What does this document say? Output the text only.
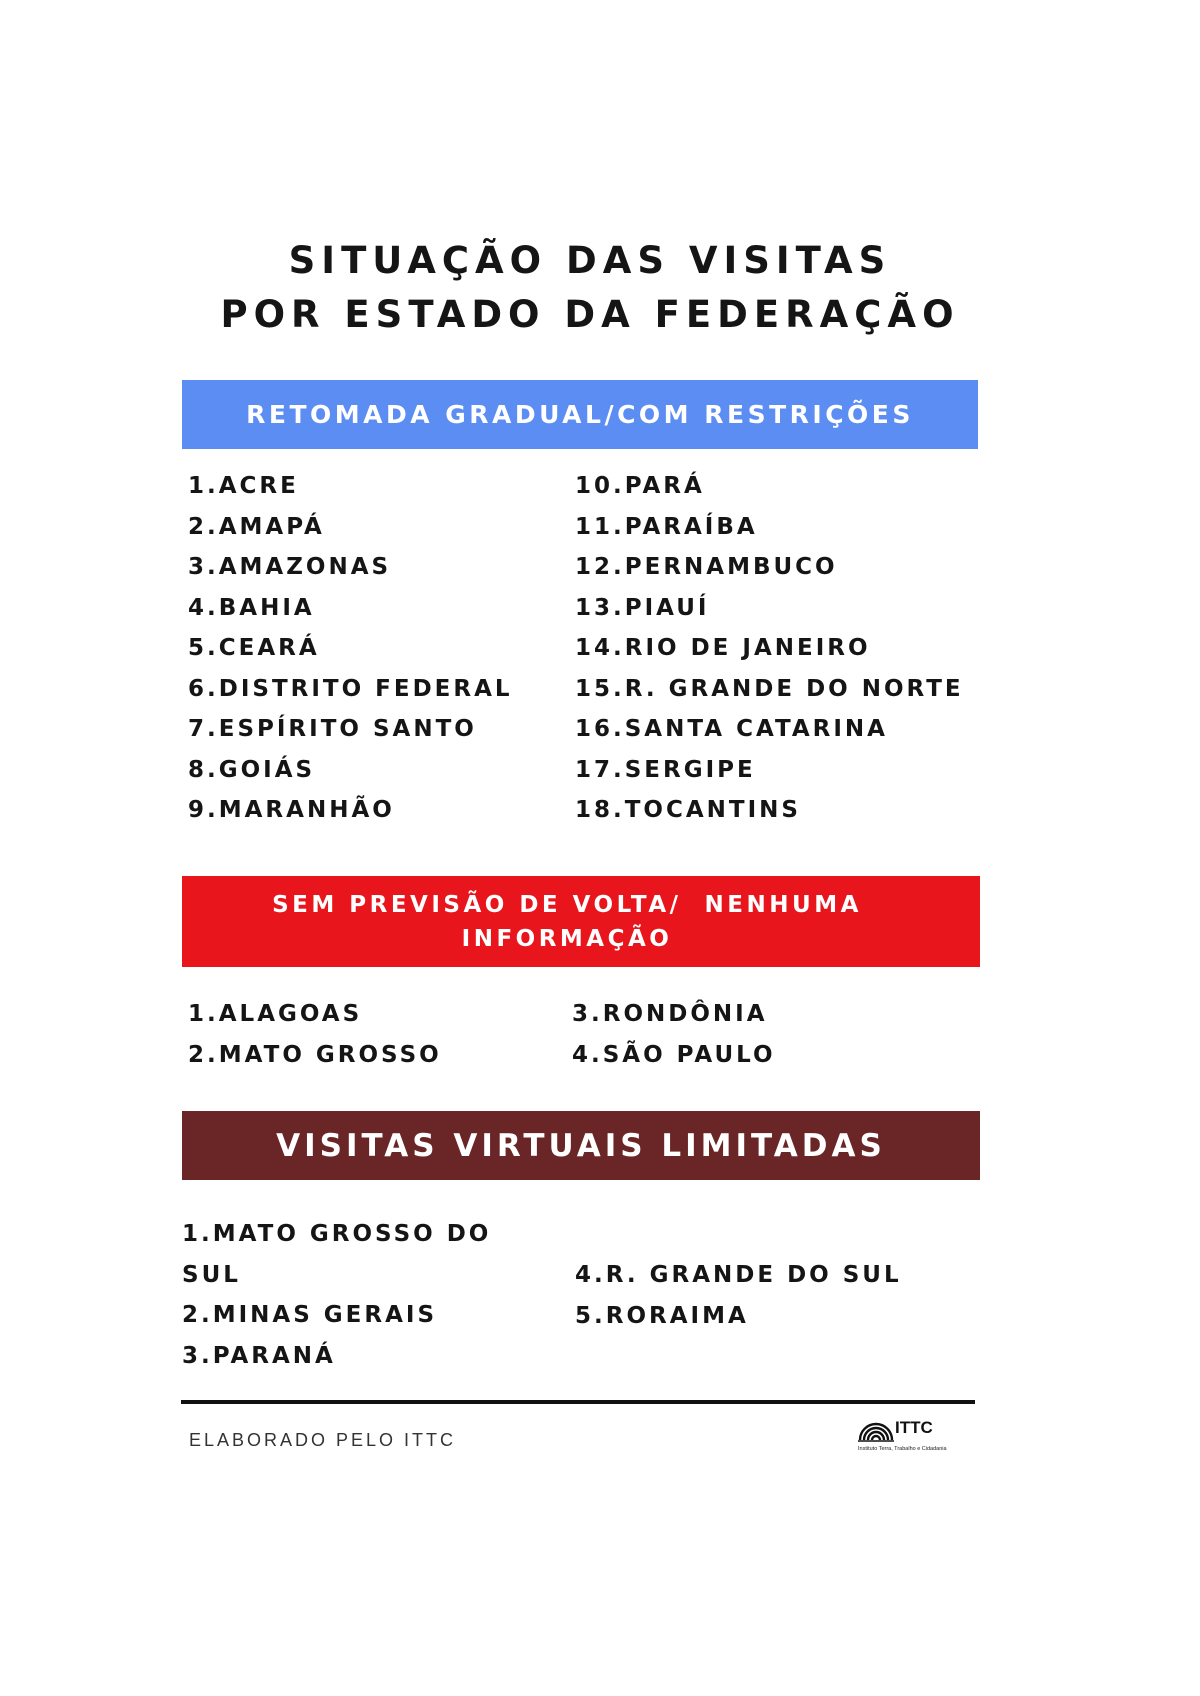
SITUAÇÃO DAS VISITAS
POR ESTADO DA FEDERAÇÃO
RETOMADA GRADUAL/COM RESTRIÇÕES
1.ACRE
2.AMAPÁ
3.AMAZONAS
4.BAHIA
5.CEARÁ
6.DISTRITO FEDERAL
7.ESPÍRITO SANTO
8.GOIÁS
9.MARANHÃO
10.PARÁ
11.PARAÍBA
12.PERNAMBUCO
13.PIAUÍ
14.RIO DE JANEIRO
15.R. GRANDE DO NORTE
16.SANTA CATARINA
17.SERGIPE
18.TOCANTINS
SEM PREVISÃO DE VOLTA/  NENHUMA
INFORMAÇÃO
1.ALAGOAS
2.MATO GROSSO
3.RONDÔNIA
4.SÃO PAULO
VISITAS VIRTUAIS LIMITADAS
1.MATO GROSSO DO SUL
2.MINAS GERAIS
3.PARANÁ
4.R. GRANDE DO SUL
5.RORAIMA
ELABORADO PELO ITTC
ITTC
Instituto Terra, Trabalho e Cidadania
